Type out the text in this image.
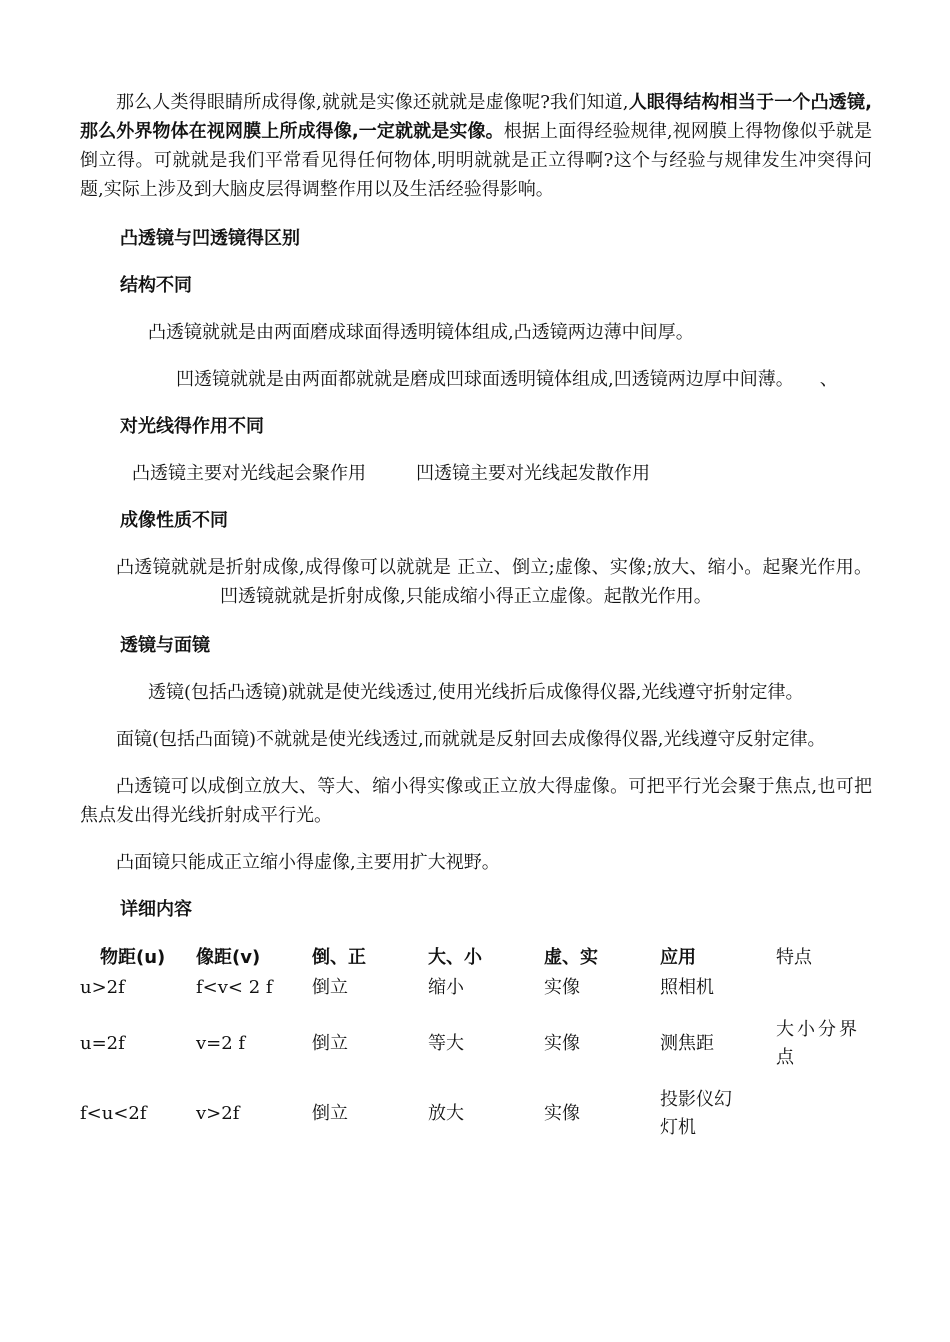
那么人类得眼睛所成得像,就就是实像还就就是虚像呢?我们知道,人眼得结构相当于一个凸透镜,那么外界物体在视网膜上所成得像,一定就就是实像。根据上面得经验规律,视网膜上得物像似乎就是倒立得。可就就是我们平常看见得任何物体,明明就就是正立得啊?这个与经验与规律发生冲突得问题,实际上涉及到大脑皮层得调整作用以及生活经验得影响。

凸透镜与凹透镜得区别
结构不同

凸透镜就就是由两面磨成球面得透明镜体组成,凸透镜两边薄中间厚。

凹透镜就就是由两面都就就是磨成凹球面透明镜体组成,凹透镜两边厚中间薄。 、

对光线得作用不同

凸透镜主要对光线起会聚作用	凹透镜主要对光线起发散作用

成像性质不同

凸透镜就就是折射成像,成得像可以就就是 正立、倒立;虚像、实像;放大、缩小。起聚光作用。凹透镜就就是折射成像,只能成缩小得正立虚像。起散光作用。

透镜与面镜

透镜(包括凸透镜)就就是使光线透过,使用光线折后成像得仪器,光线遵守折射定律。

面镜(包括凸面镜)不就就是使光线透过,而就就是反射回去成像得仪器,光线遵守反射定律。

凸透镜可以成倒立放大、等大、缩小得实像或正立放大得虚像。可把平行光会聚于焦点,也可把焦点发出得光线折射成平行光。

凸面镜只能成正立缩小得虚像,主要用扩大视野。

详细内容
物距(u)	像距(v)	倒、正	大、小	虚、实	应用	特点
u>2f	f<v< 2 f	倒立	缩小	实像	照相机	
u=2f	v=2 f	倒立	等大	实像	测焦距	大小分界点
f<u<2f	v>2f	倒立	放大	实像	投影仪幻灯机	
